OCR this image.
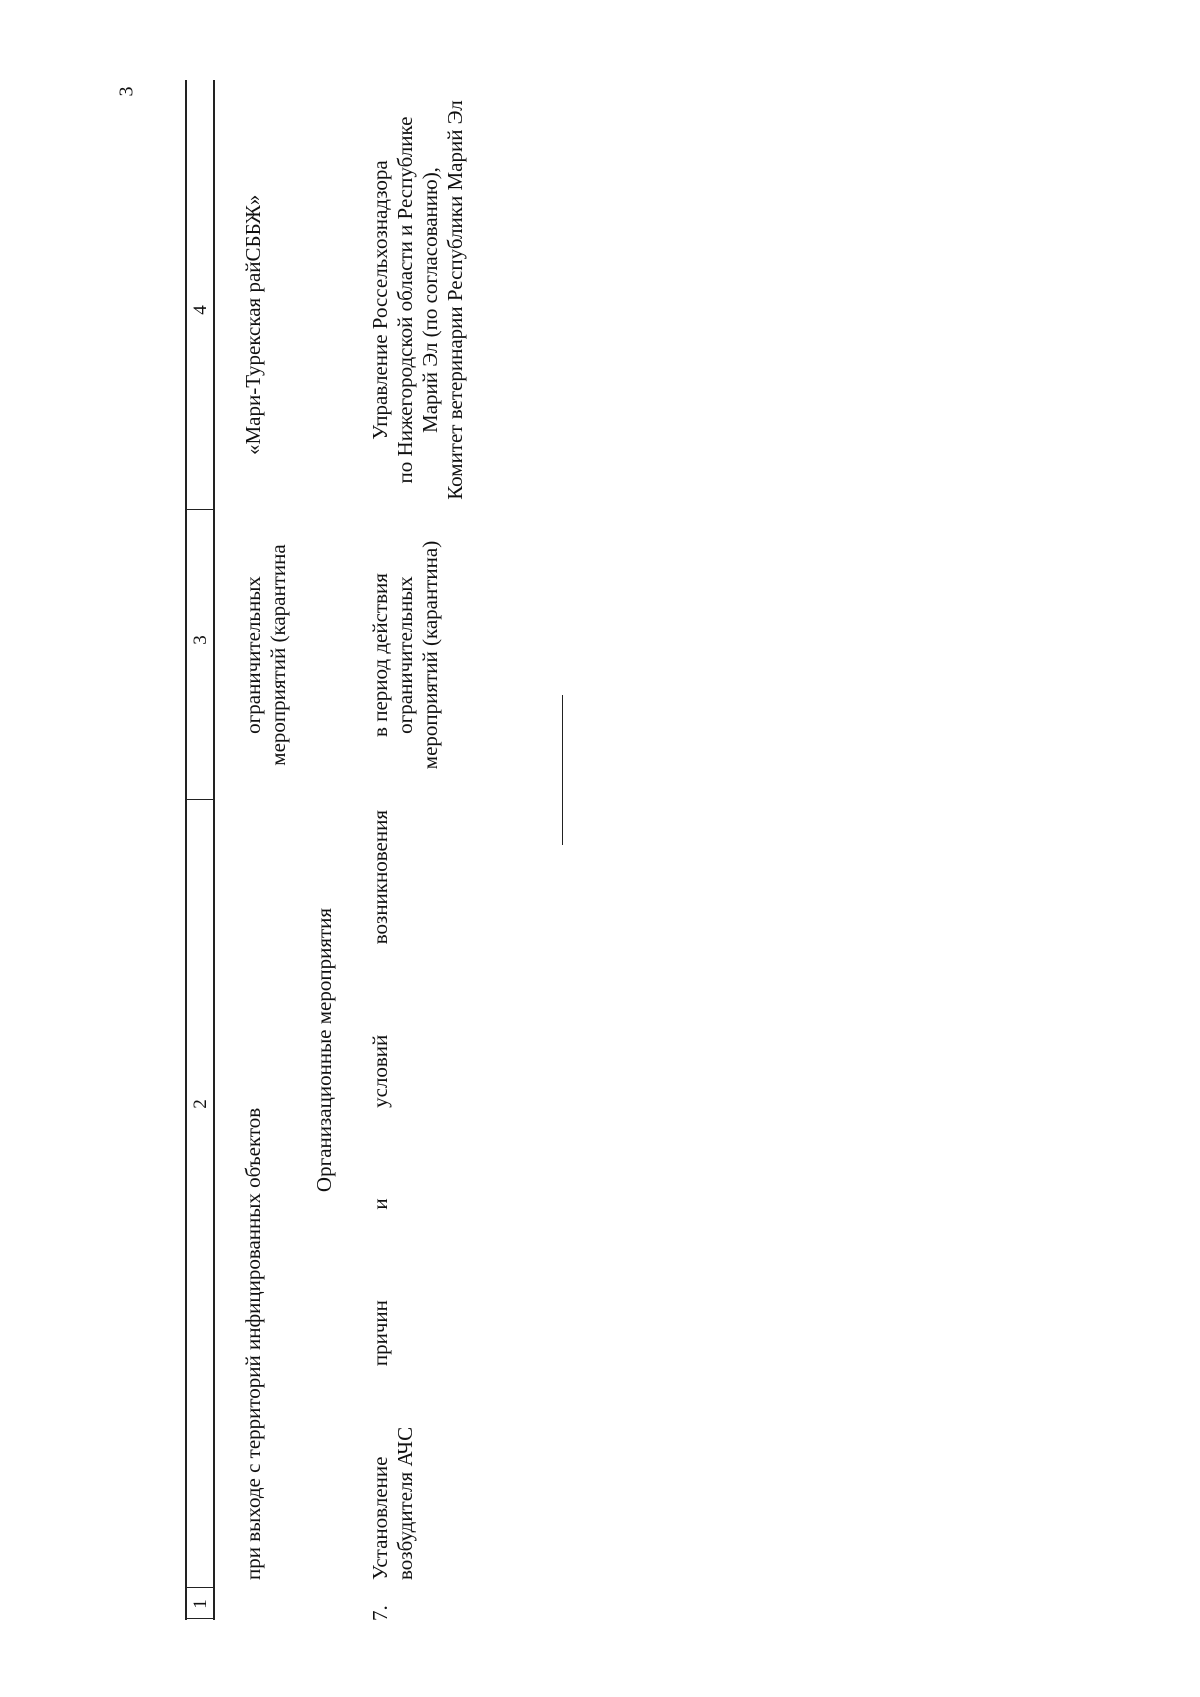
3
1
2
3
4
при выходе с территорий инфицированных объектов
ограничительных мероприятий (карантина
«Мари-Турекская райСББЖ»
Организационные мероприятия
7.
Установление
причин
и
условий
возникновения
возбудителя АЧС
в период действия ограничительных мероприятий (карантина)
Управление Россельхознадзора по Нижегородской области и Республике Марий Эл (по согласованию), Комитет ветеринарии Республики Марий Эл
